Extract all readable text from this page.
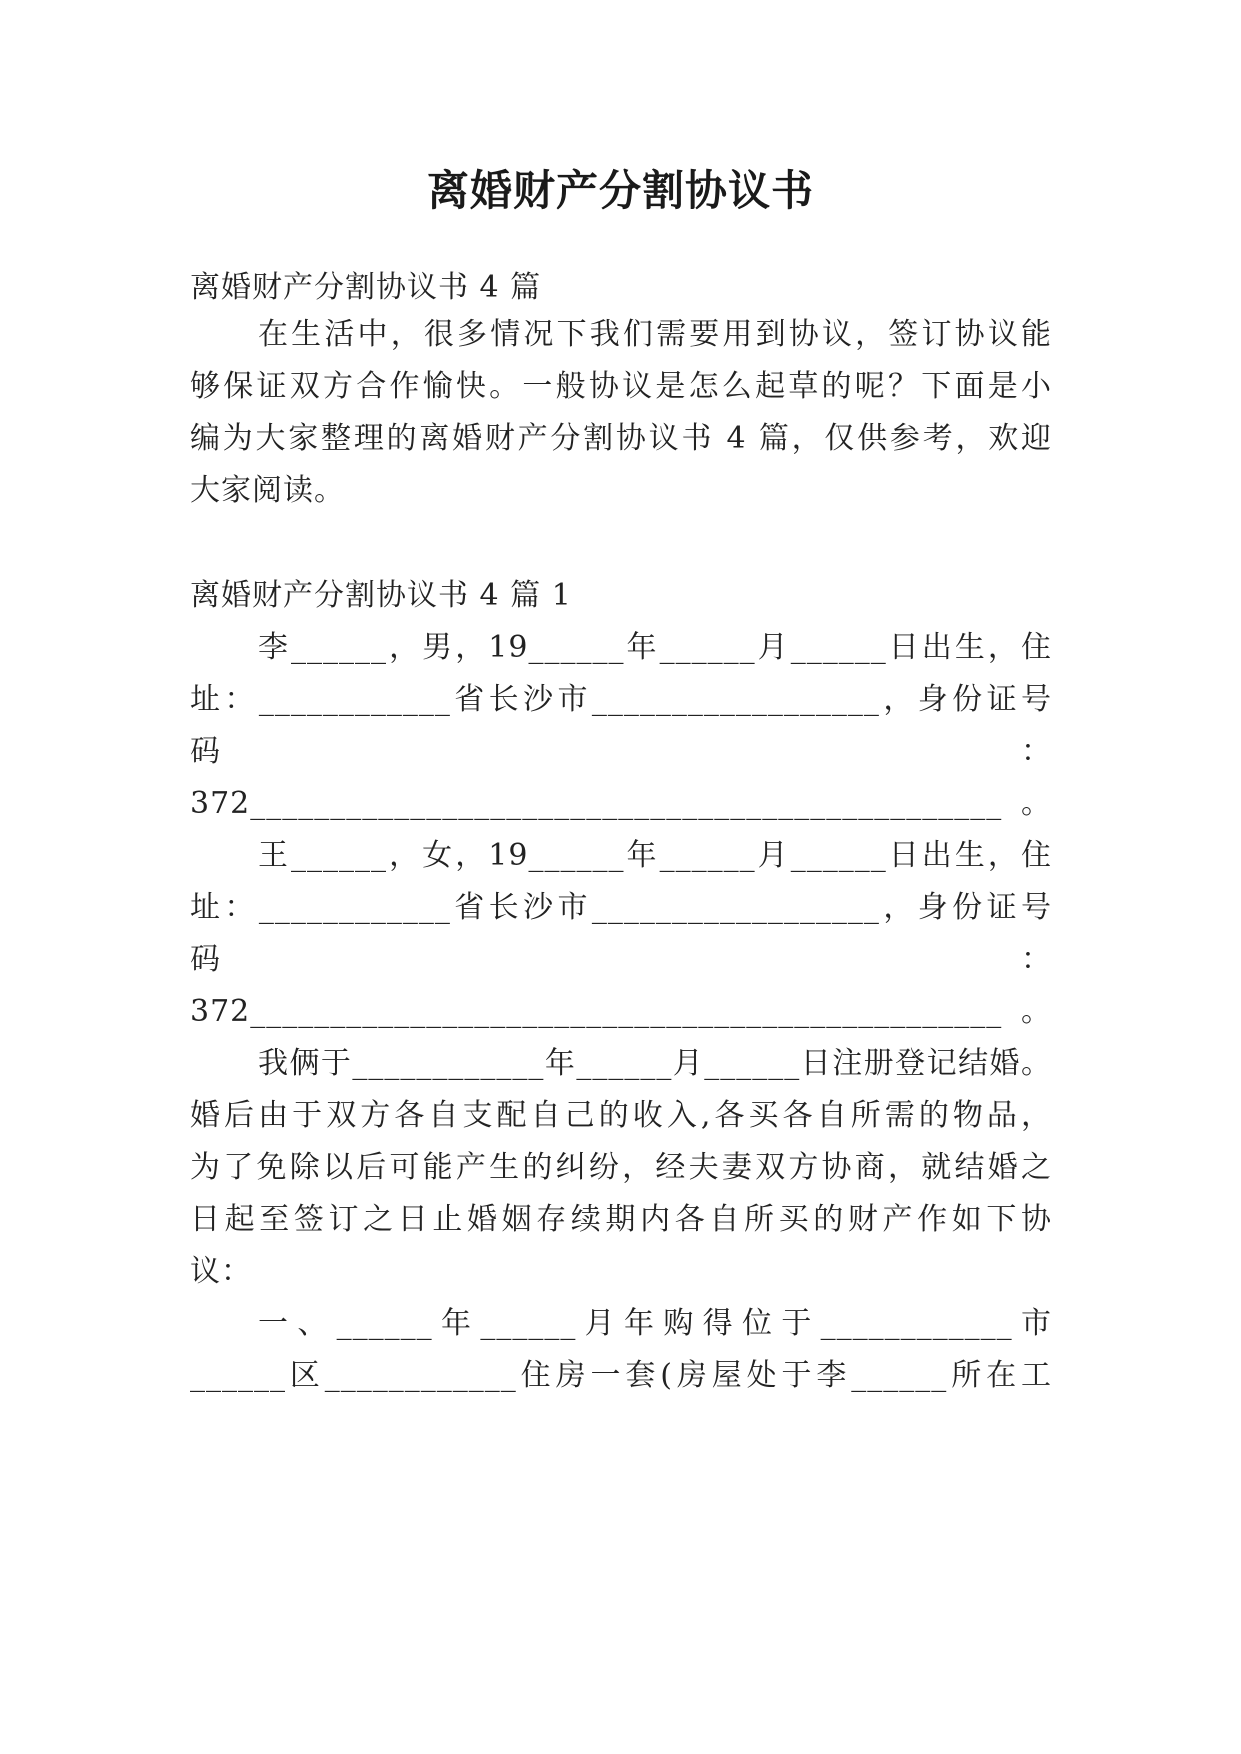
离婚财产分割协议书
离婚财产分割协议书 4 篇
在生活中，很多情况下我们需要用到协议，签订协议能
够保证双方合作愉快。一般协议是怎么起草的呢？下面是小
编为大家整理的离婚财产分割协议书 4 篇，仅供参考，欢迎
大家阅读。
离婚财产分割协议书 4 篇 1
李______，男，19______年______月______日出生，住
址：____________省长沙市__________________，身份证号
码                                                              ：
372_______________________________________________。
王______，女，19______年______月______日出生，住
址：____________省长沙市__________________，身份证号
码                                                              ：
372_______________________________________________。
我俩于____________年______月______日注册登记结婚。
婚后由于双方各自支配自己的收入,各买各自所需的物品，
为了免除以后可能产生的纠纷，经夫妻双方协商，就结婚之
日起至签订之日止婚姻存续期内各自所买的财产作如下协
议：
一、______年______月年购得位于____________市
______区____________住房一套(房屋处于李______所在工
